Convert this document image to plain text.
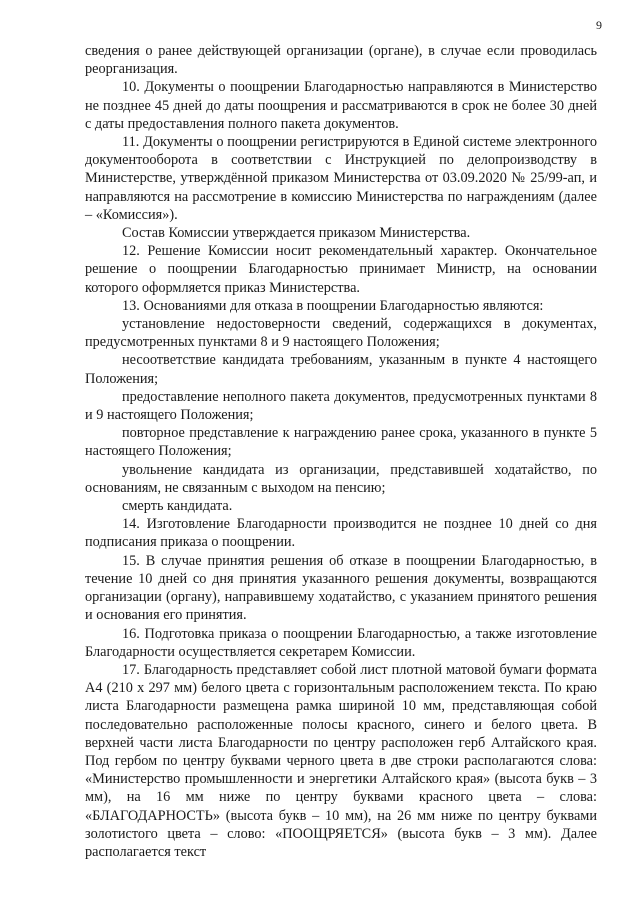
9

сведения о ранее действующей организации (органе), в случае если проводилась реорганизация.

10. Документы о поощрении Благодарностью направляются в Министерство не позднее 45 дней до даты поощрения и рассматриваются в срок не более 30 дней с даты предоставления полного пакета документов.

11. Документы о поощрении регистрируются в Единой системе электронного документооборота в соответствии с Инструкцией по делопроизводству в Министерстве, утверждённой приказом Министерства от 03.09.2020 № 25/99-ап, и направляются на рассмотрение в комиссию Министерства по награждениям (далее – «Комиссия»).

Состав Комиссии утверждается приказом Министерства.

12. Решение Комиссии носит рекомендательный характер. Окончательное решение о поощрении Благодарностью принимает Министр, на основании которого оформляется приказ Министерства.

13. Основаниями для отказа в поощрении Благодарностью являются:

установление недостоверности сведений, содержащихся в документах, предусмотренных пунктами 8 и 9 настоящего Положения;

несоответствие кандидата требованиям, указанным в пункте 4 настоящего Положения;

предоставление неполного пакета документов, предусмотренных пунктами 8 и 9 настоящего Положения;

повторное представление к награждению ранее срока, указанного в пункте 5 настоящего Положения;

увольнение кандидата из организации, представившей ходатайство, по основаниям, не связанным с выходом на пенсию;

смерть кандидата.

14. Изготовление Благодарности производится не позднее 10 дней со дня подписания приказа о поощрении.

15. В случае принятия решения об отказе в поощрении Благодарностью, в течение 10 дней со дня принятия указанного решения документы, возвращаются организации (органу), направившему ходатайство, с указанием принятого решения и основания его принятия.

16. Подготовка приказа о поощрении Благодарностью, а также изготовление Благодарности осуществляется секретарем Комиссии.

17. Благодарность представляет собой лист плотной матовой бумаги формата А4 (210 х 297 мм) белого цвета с горизонтальным расположением текста. По краю листа Благодарности размещена рамка шириной 10 мм, представляющая собой последовательно расположенные полосы красного, синего и белого цвета. В верхней части листа Благодарности по центру расположен герб Алтайского края. Под гербом по центру буквами черного цвета в две строки располагаются слова: «Министерство промышленности и энергетики Алтайского края» (высота букв – 3 мм), на 16 мм ниже по центру буквами красного цвета – слова: «БЛАГОДАРНОСТЬ» (высота букв – 10 мм), на 26 мм ниже по центру буквами золотистого цвета – слово: «ПООЩРЯЕТСЯ» (высота букв – 3 мм). Далее располагается текст
